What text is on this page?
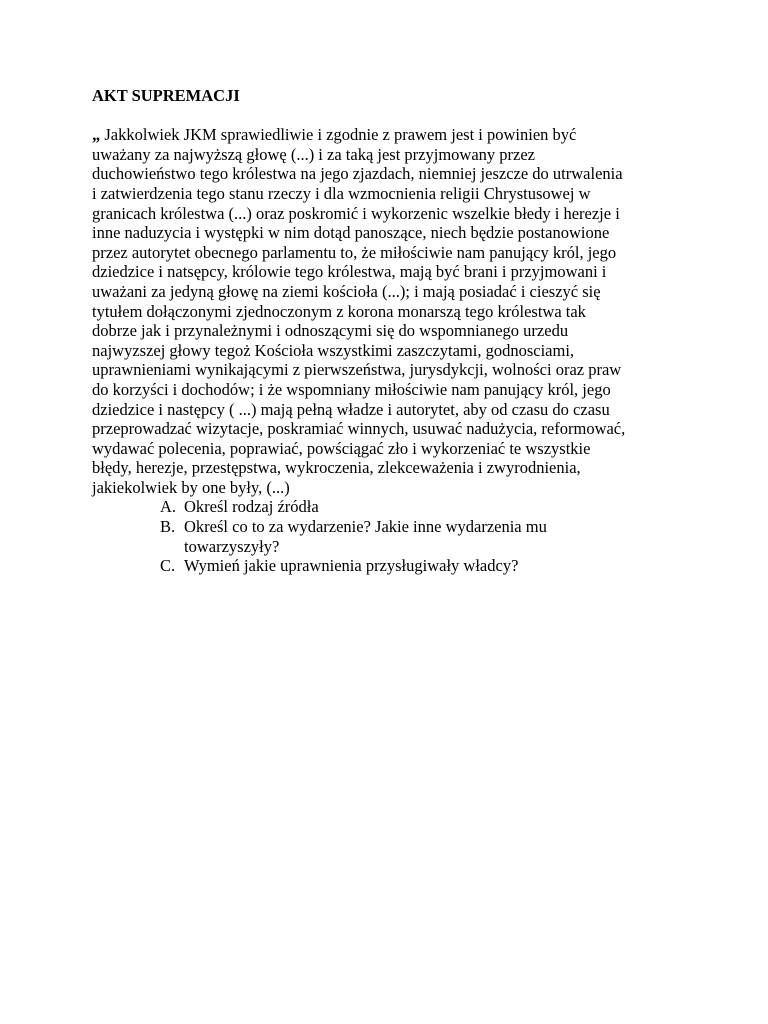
AKT SUPREMACJI

„ Jakkolwiek JKM sprawiedliwie i zgodnie z prawem jest i powinien być
uważany za najwyższą głowę (...) i za taką jest przyjmowany przez
duchowieństwo tego królestwa na jego zjazdach, niemniej jeszcze do utrwalenia
i zatwierdzenia tego stanu rzeczy i dla wzmocnienia religii Chrystusowej w
granicach królestwa (...) oraz poskromić i wykorzenic wszelkie błedy i herezje i
inne naduzycia i występki w nim dotąd panoszące, niech będzie postanowione
przez autorytet obecnego parlamentu to, że miłościwie nam panujący król, jego
dziedzice i natsępcy, królowie tego królestwa, mają być brani i przyjmowani i
uważani za jedyną głowę na ziemi kościoła (...); i mają posiadać i cieszyć się
tytułem dołączonymi zjednoczonym z korona monarszą tego królestwa tak
dobrze jak i przynależnymi i odnoszącymi się do wspomnianego urzedu
najwyzszej głowy tegoż Kościoła wszystkimi zaszczytami, godnosciami,
uprawnieniami wynikającymi z pierwszeństwa, jurysdykcji, wolności oraz praw
do korzyści i dochodów; i że wspomniany miłościwie nam panujący król, jego
dziedzice i następcy ( ...) mają pełną władze i autorytet, aby od czasu do czasu
przeprowadzać wizytacje, poskramiać winnych, usuwać nadużycia, reformować,
wydawać polecenia, poprawiać, powściągać zło i wykorzeniać te wszystkie
błędy, herezje, przestępstwa, wykroczenia, zlekceważenia i zwyrodnienia,
jakiekolwiek by one były, (...)
A. Określ rodzaj źródła
B. Określ co to za wydarzenie? Jakie inne wydarzenia mu
towarzyszyły?
C. Wymień jakie uprawnienia przysługiwały władcy?
